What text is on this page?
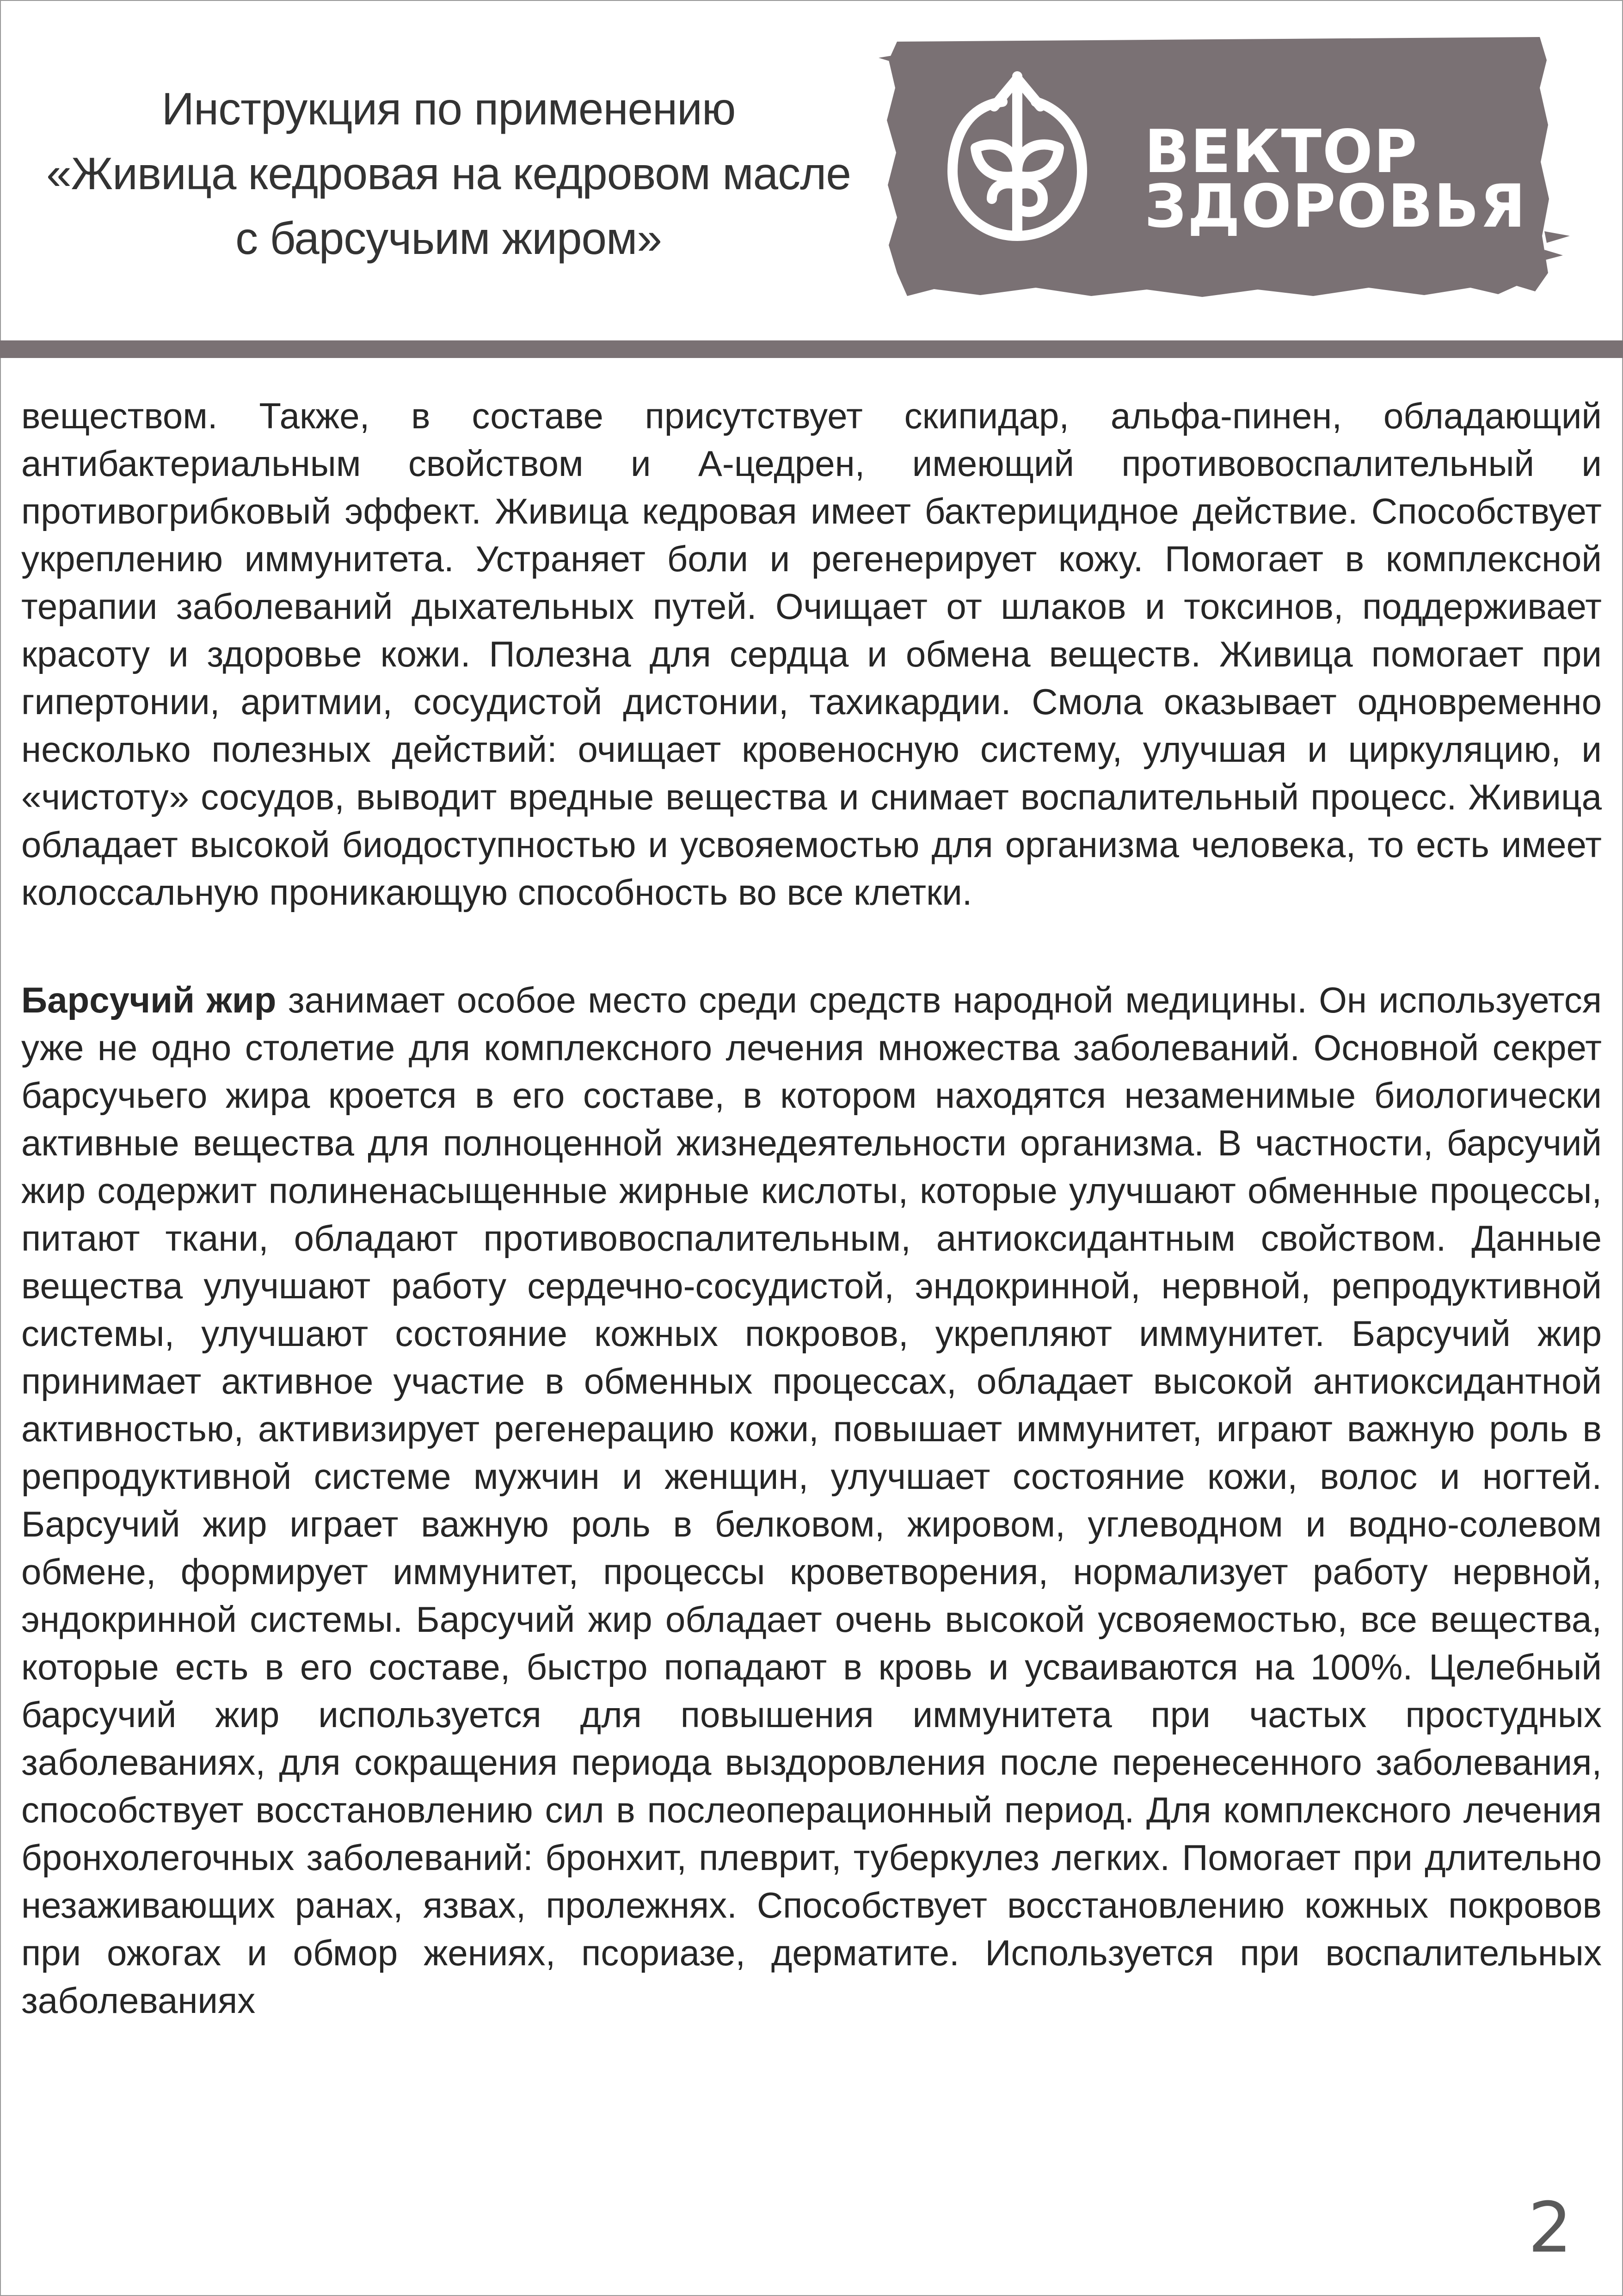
Инструкция по применению
«Живица кедровая на кедровом масле
с барсучьим жиром»
ВЕКТОР
ЗДОРОВЬЯ

веществом. Также, в составе присутствует скипидар, альфа-пинен, обладающий антибактериальным свойством и А-цедрен, имеющий противовоспалительный и противогрибковый эффект. Живица кедровая имеет бактерицидное действие. Способствует укреплению иммунитета. Устраняет боли и регенерирует кожу. Помогает в комплексной терапии заболеваний дыхательных путей. Очищает от шлаков и токсинов, поддерживает красоту и здоровье кожи. Полезна для сердца и обмена веществ. Живица помогает при гипертонии, аритмии, сосудистой дистонии, тахикардии. Смола оказывает одновременно несколько полезных действий: очищает кровеносную систему, улучшая и циркуляцию, и «чистоту» сосудов, выводит вредные вещества и снимает воспалительный процесс. Живица обладает высокой биодоступностью и усвояемостью для организма человека, то есть имеет колоссальную проникающую способность во все клетки.

Барсучий жир занимает особое место среди средств народной медицины. Он используется уже не одно столетие для комплексного лечения множества заболеваний. Основной секрет барсучьего жира кроется в его составе, в котором находятся незаменимые биологически активные вещества для полноценной жизнедеятельности организма. В частности, барсучий жир содержит полиненасыщенные жирные кислоты, которые улучшают обменные процессы, питают ткани, обладают противовоспалительным, антиоксидантным свойством. Данные вещества улучшают работу сердечно-сосудистой, эндокринной, нервной, репродуктивной системы, улучшают состояние кожных покровов, укрепляют иммунитет. Барсучий жир принимает активное участие в обменных процессах, обладает высокой антиоксидантной активностью, активизирует регенерацию кожи, повышает иммунитет, играют важную роль в репродуктивной системе мужчин и женщин, улучшает состояние кожи, волос и ногтей. Барсучий жир играет важную роль в белковом, жировом, углеводном и водно-солевом обмене, формирует иммунитет, процессы кроветворения, нормализует работу нервной, эндокринной системы. Барсучий жир обладает очень высокой усвояемостью, все вещества, которые есть в его составе, быстро попадают в кровь и усваиваются на 100%. Целебный барсучий жир используется для повышения иммунитета при частых простудных заболеваниях, для сокращения периода выздоровления после перенесенного заболевания, способствует восстановлению сил в послеоперационный период. Для комплексного лечения бронхолегочных заболеваний: бронхит, плеврит, туберкулез легких. Помогает при длительно незаживающих ранах, язвах, пролежнях. Способствует восстановлению кожных покровов при ожогах и обмор жениях, псориазе, дерматите. Используется при воспалительных заболеваниях

2
